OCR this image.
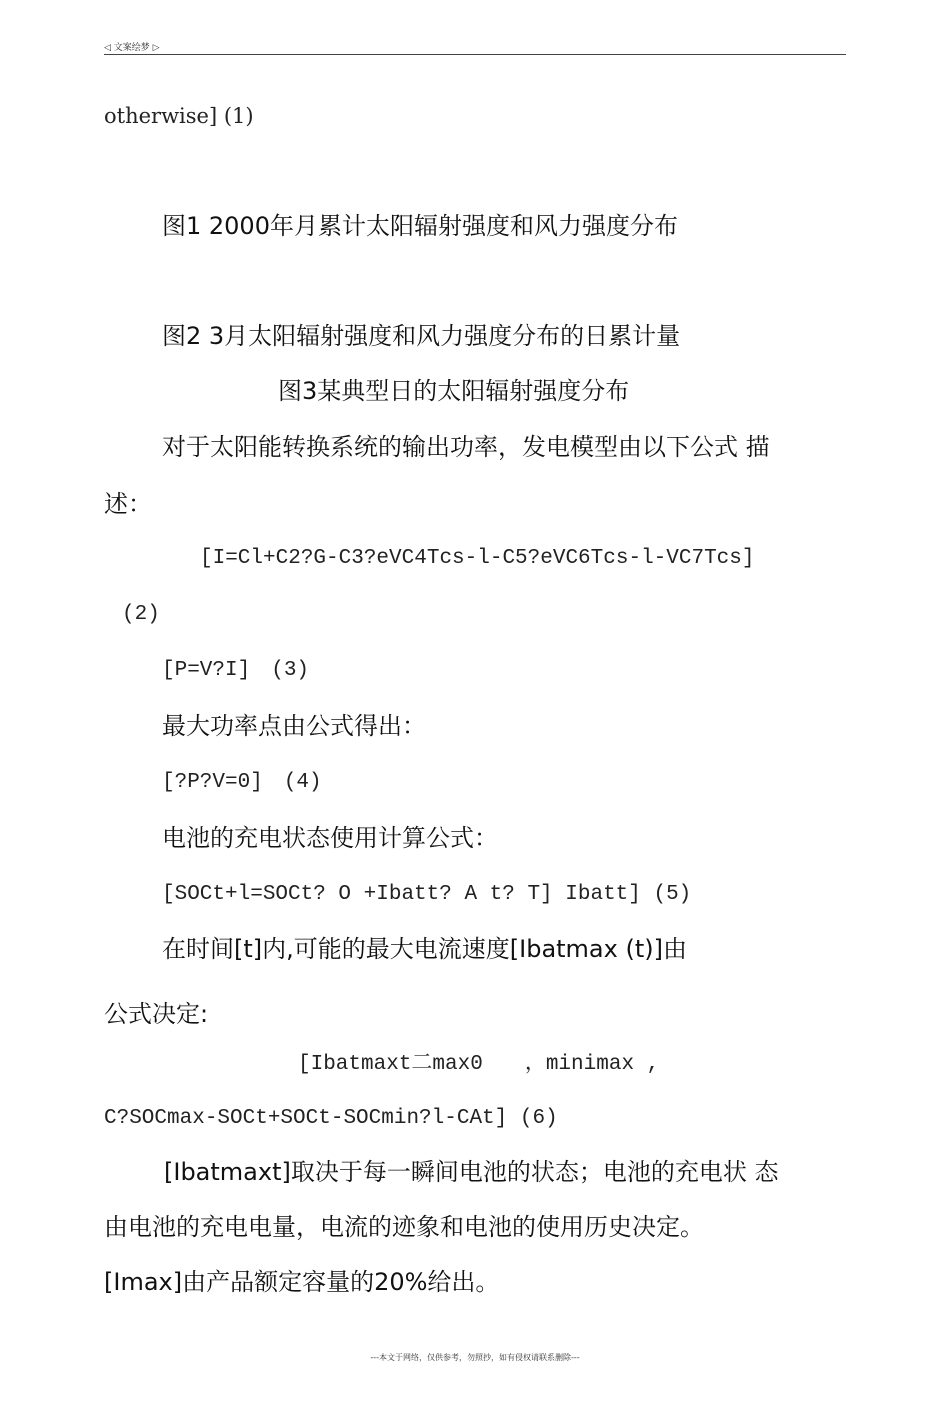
◁ 文案绘梦 ▷
otherwise] (1)
图1 2000年月累计太阳辐射强度和风力强度分布
图2 3月太阳辐射强度和风力强度分布的日累计量
图3某典型日的太阳辐射强度分布
对于太阳能转换系统的输出功率，发电模型由以下公式 描
述：
[I=Cl+C2?G-C3?eVC4Tcs-l-C5?eVC6Tcs-l-VC7Tcs]
(2)
[P=V?I]　(3)
最大功率点由公式得出：
[?P?V=0]　(4)
电池的充电状态使用计算公式：
[SOCt+l=SOCt? O +Ibatt? A t? T] Ibatt] (5)
在时间[t]内,可能的最大电流速度[Ibatmax (t)]由
公式决定:
[Ibatmaxt二max0　　，minimax ,
C?SOCmax-SOCt+SOCt-SOCmin?l-CAt] (6)
[Ibatmaxt]取决于每一瞬间电池的状态；电池的充电状 态
由电池的充电电量，电流的迹象和电池的使用历史决定。
[Imax]由产品额定容量的20%给出。
---本文于网络，仅供参考，勿照抄，如有侵权请联系删除---
